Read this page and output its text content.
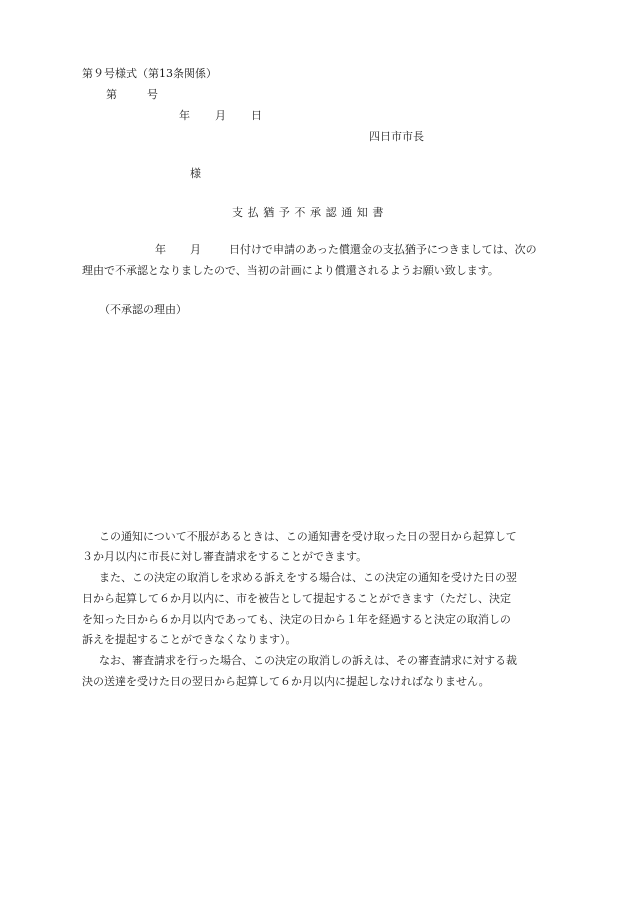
第９号様式（第13条関係）

第	号

年 月 日

四日市市長

様

支払猶予不承認通知書

年 月	日付けで申請のあった償還金の支払猶予につきましては、次の

理由で不承認となりましたので、当初の計画により償還されるようお願い致します。

（不承認の理由）

この通知について不服があるときは、この通知書を受け取った日の翌日から起算して

３か月以内に市長に対し審査請求をすることができます。

また、この決定の取消しを求める訴えをする場合は、この決定の通知を受けた日の翌

日から起算して６か月以内に、市を被告として提起することができます（ただし、決定

を知った日から６か月以内であっても、決定の日から１年を経過すると決定の取消しの

訴えを提起することができなくなります）。

なお、審査請求を行った場合、この決定の取消しの訴えは、その審査請求に対する裁

決の送達を受けた日の翌日から起算して６か月以内に提起しなければなりません。
